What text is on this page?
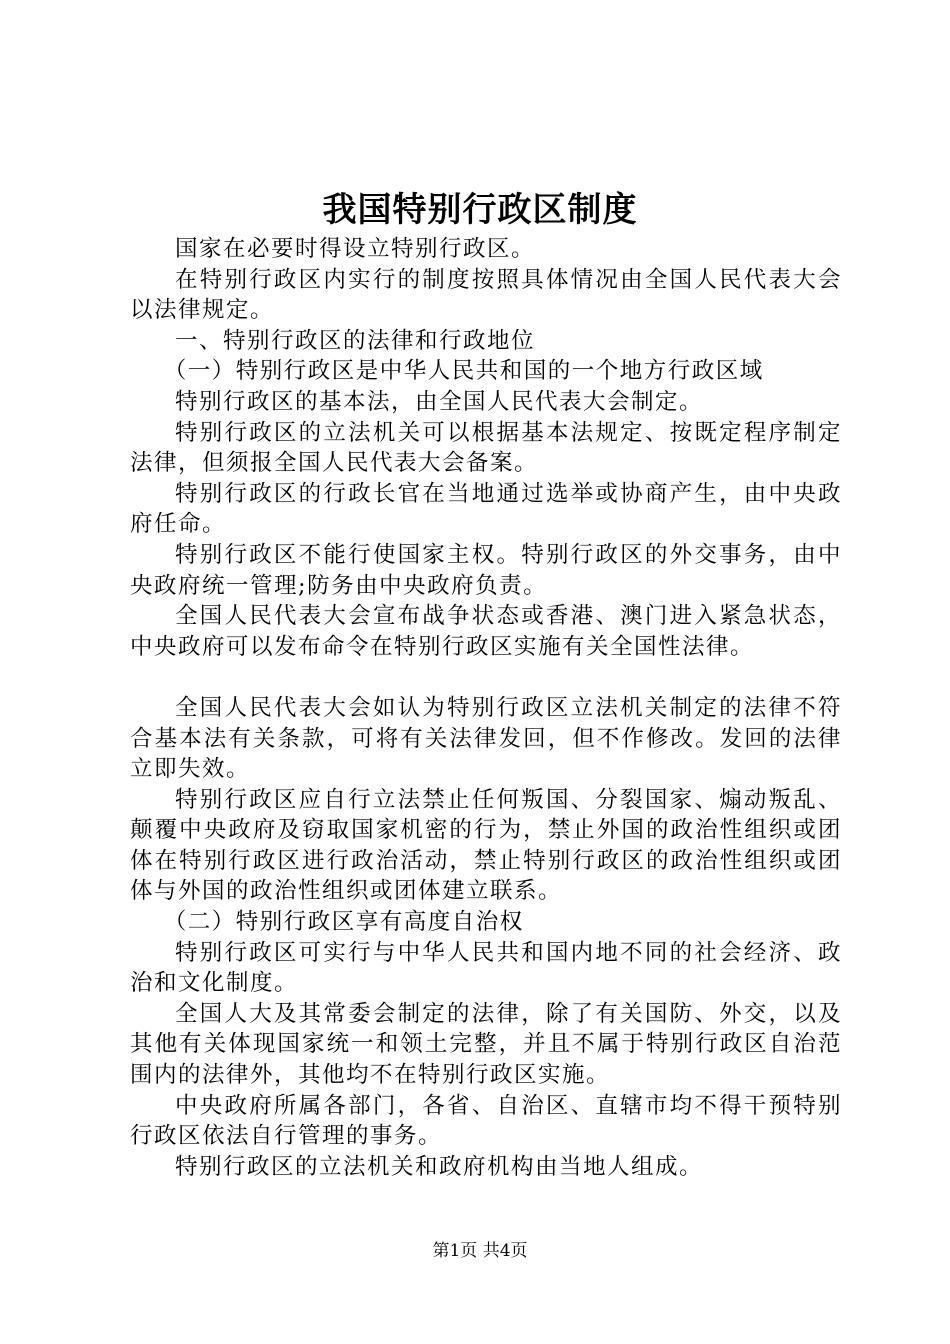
我国特别行政区制度

国家在必要时得设立特别行政区。

在特别行政区内实行的制度按照具体情况由全国人民代表大会以法律规定。

一、特别行政区的法律和行政地位

（一）特别行政区是中华人民共和国的一个地方行政区域

特别行政区的基本法，由全国人民代表大会制定。

特别行政区的立法机关可以根据基本法规定、按既定程序制定法律，但须报全国人民代表大会备案。

特别行政区的行政长官在当地通过选举或协商产生，由中央政府任命。

特别行政区不能行使国家主权。特别行政区的外交事务，由中央政府统一管理;防务由中央政府负责。

全国人民代表大会宣布战争状态或香港、澳门进入紧急状态，中央政府可以发布命令在特别行政区实施有关全国性法律。

全国人民代表大会如认为特别行政区立法机关制定的法律不符合基本法有关条款，可将有关法律发回，但不作修改。发回的法律立即失效。

特别行政区应自行立法禁止任何叛国、分裂国家、煽动叛乱、颠覆中央政府及窃取国家机密的行为，禁止外国的政治性组织或团体在特别行政区进行政治活动，禁止特别行政区的政治性组织或团体与外国的政治性组织或团体建立联系。

（二）特别行政区享有高度自治权

特别行政区可实行与中华人民共和国内地不同的社会经济、政治和文化制度。

全国人大及其常委会制定的法律，除了有关国防、外交，以及其他有关体现国家统一和领土完整，并且不属于特别行政区自治范围内的法律外，其他均不在特别行政区实施。

中央政府所属各部门，各省、自治区、直辖市均不得干预特别行政区依法自行管理的事务。

特别行政区的立法机关和政府机构由当地人组成。

第1页 共4页
